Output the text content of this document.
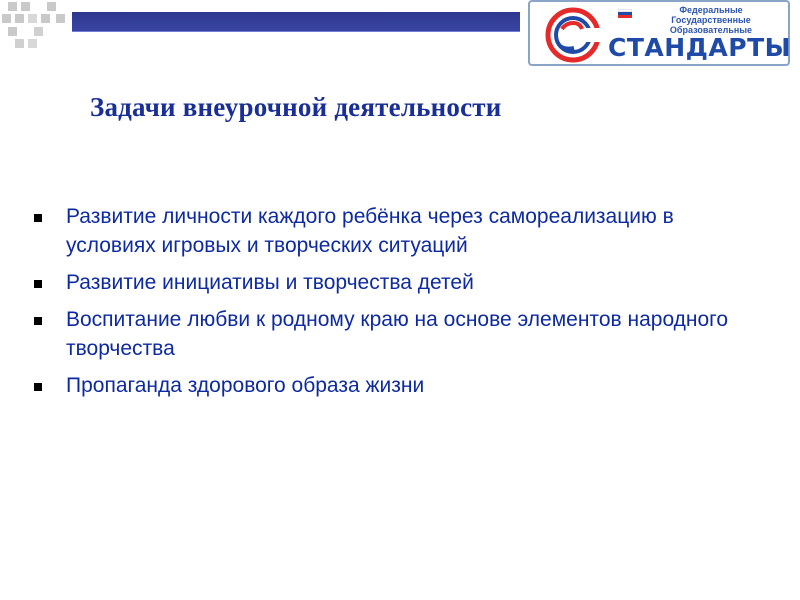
Федеральные
Государственные
Образовательные
СТАНДАРТЫ
Задачи внеурочной деятельности
Развитие личности каждого ребёнка через самореализацию в условиях игровых и творческих ситуаций
Развитие инициативы и творчества детей
Воспитание любви к родному краю на основе элементов народного творчества
Пропаганда здорового образа жизни
